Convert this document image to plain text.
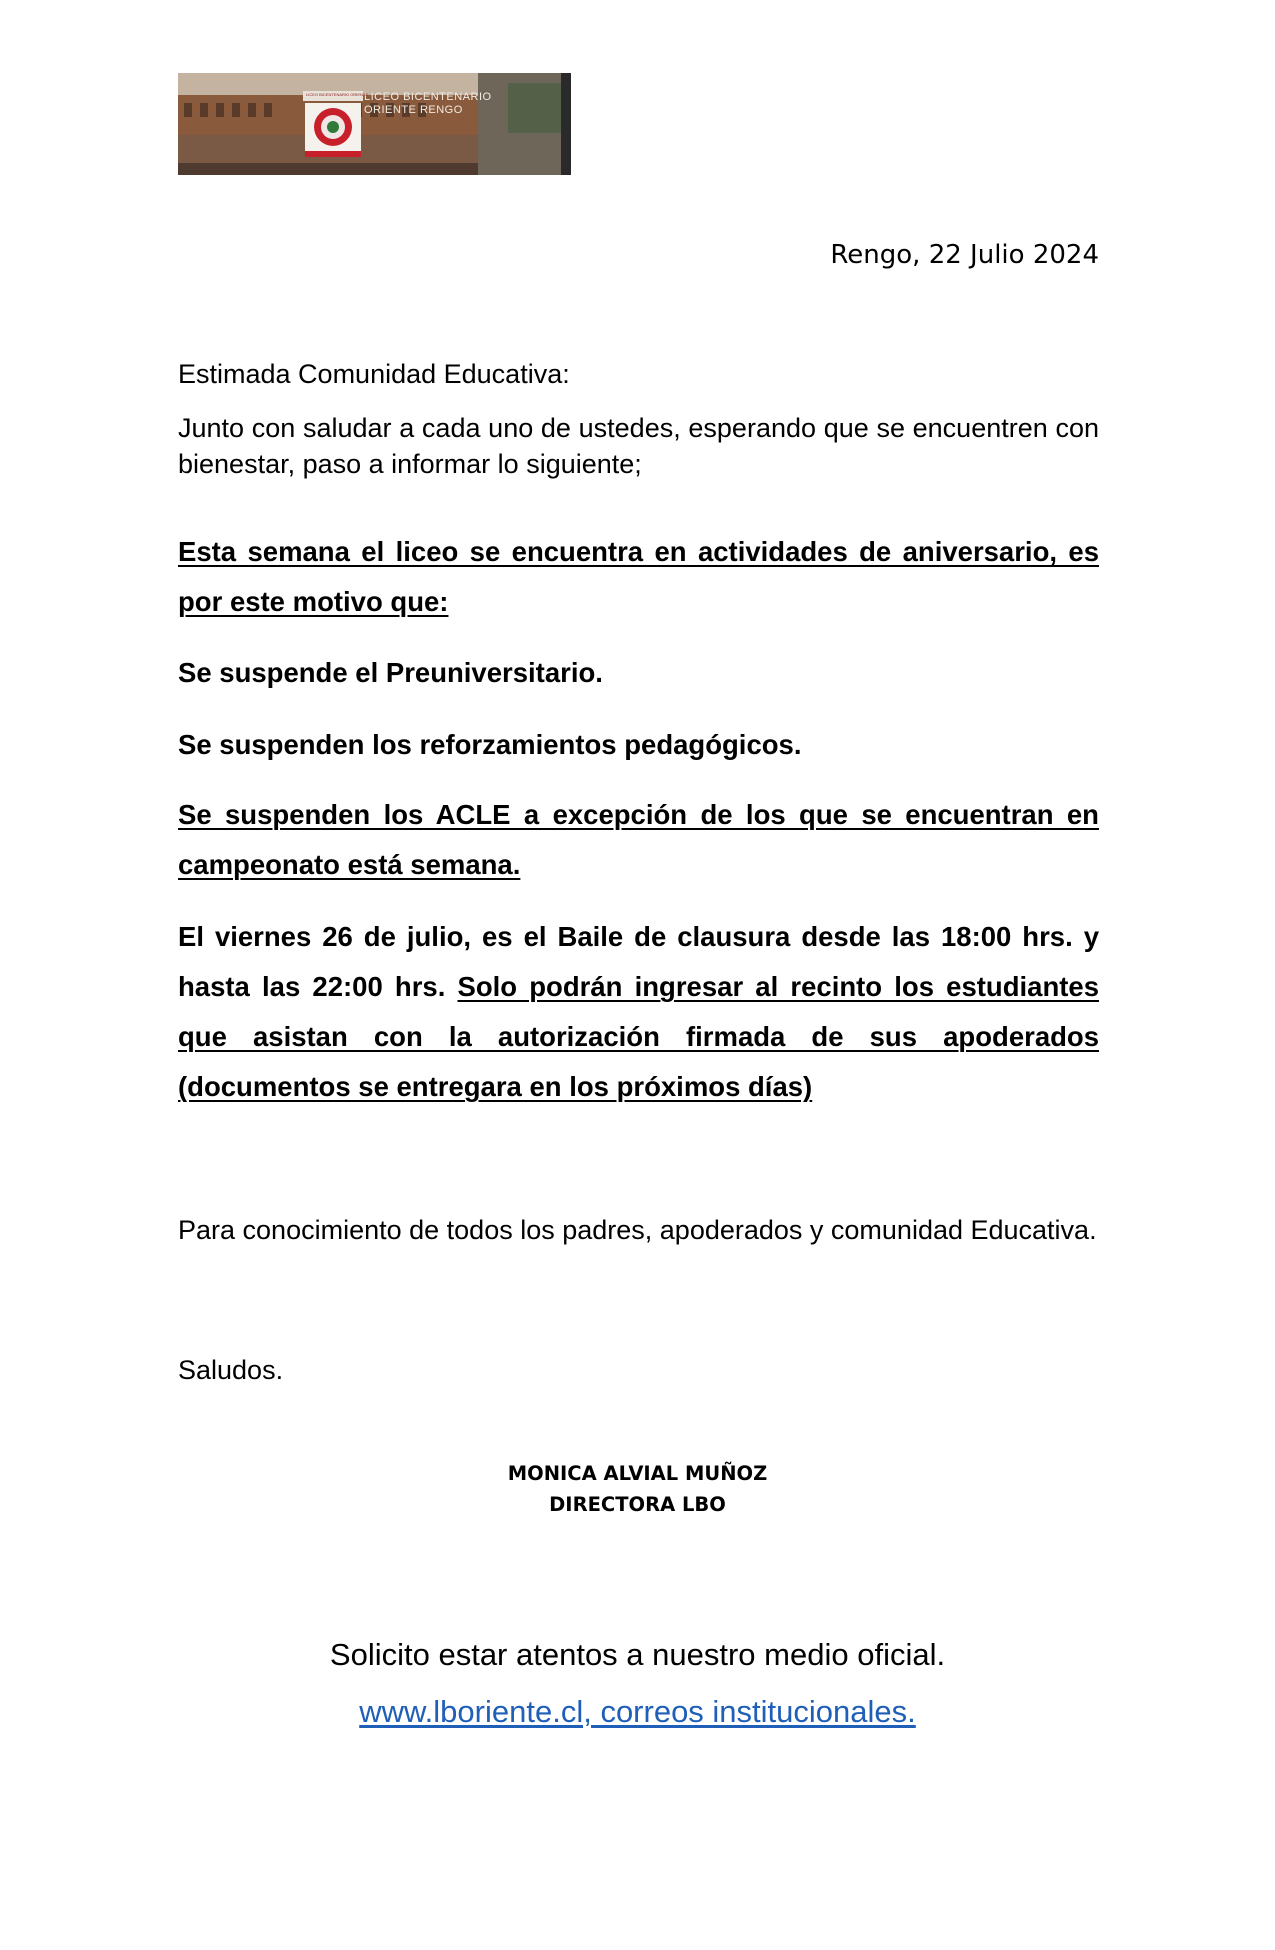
LICEO BICENTENARIO
ORIENTE RENGO
LICEO BICENTENARIO ORIENTE
Rengo, 22 Julio 2024

Estimada Comunidad Educativa:

Junto con saludar a cada uno de ustedes, esperando que se encuentren con bienestar, paso a informar lo siguiente;

Esta semana el liceo se encuentra en actividades de aniversario, es por este motivo que:

Se suspende el Preuniversitario.

Se suspenden los reforzamientos pedagógicos.

Se suspenden los ACLE a excepción de los que se encuentran en campeonato está semana.

El viernes 26 de julio, es el Baile de clausura desde las 18:00 hrs. y hasta las 22:00 hrs. Solo podrán ingresar al recinto los estudiantes que asistan con la autorización firmada de sus apoderados (documentos se entregara en los próximos días)

Para conocimiento de todos los padres, apoderados y comunidad Educativa.

Saludos.

MONICA ALVIAL MUÑOZ
DIRECTORA LBO
Solicito estar atentos a nuestro medio oficial.
www.lboriente.cl, correos institucionales.
